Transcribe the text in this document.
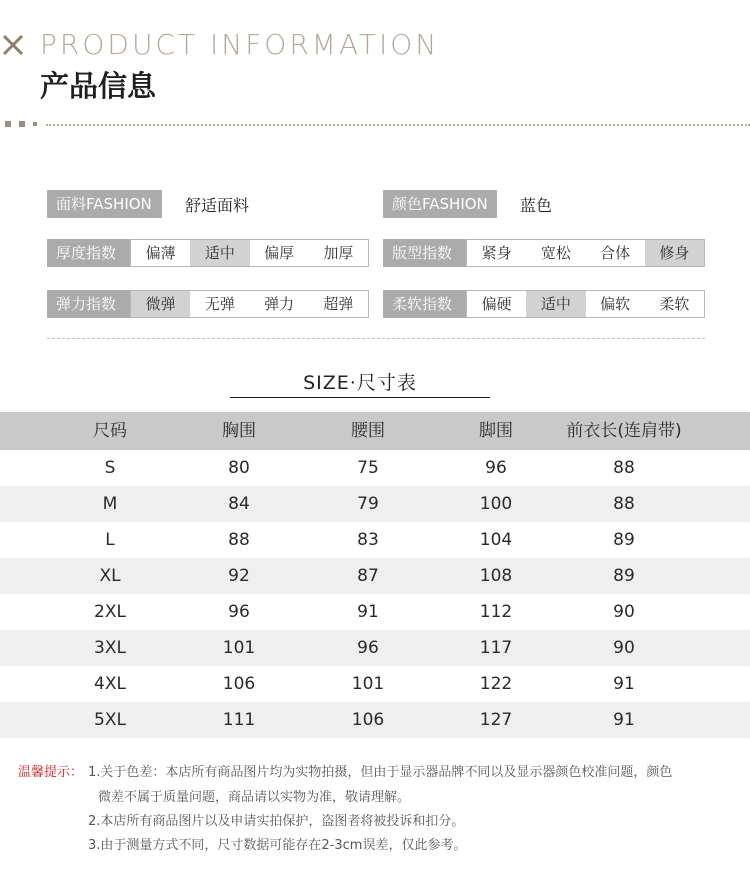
PRODUCT INFORMATION
产品信息
面料FASHION	舒适面料	颜色FASHION	蓝色
厚度指数	偏薄	适中	偏厚	加厚	版型指数	紧身	宽松	合体	修身
弹力指数	微弹	无弹	弹力	超弹	柔软指数	偏硬	适中	偏软	柔软
SIZE·尺寸表
尺码	胸围	腰围	脚围	前衣长(连肩带)
S	80	75	96	88
M	84	79	100	88
L	88	83	104	89
XL	92	87	108	89
2XL	96	91	112	90
3XL	101	96	117	90
4XL	106	101	122	91
5XL	111	106	127	91
温馨提示： 1.关于色差：本店所有商品图片均为实物拍摄，但由于显示器品牌不同以及显示器颜色校准问题，颜色
微差不属于质量问题，商品请以实物为准，敬请理解。
2.本店所有商品图片以及申请实拍保护，盗图者将被投诉和扣分。
3.由于测量方式不同，尺寸数据可能存在2-3cm误差，仅此参考。
